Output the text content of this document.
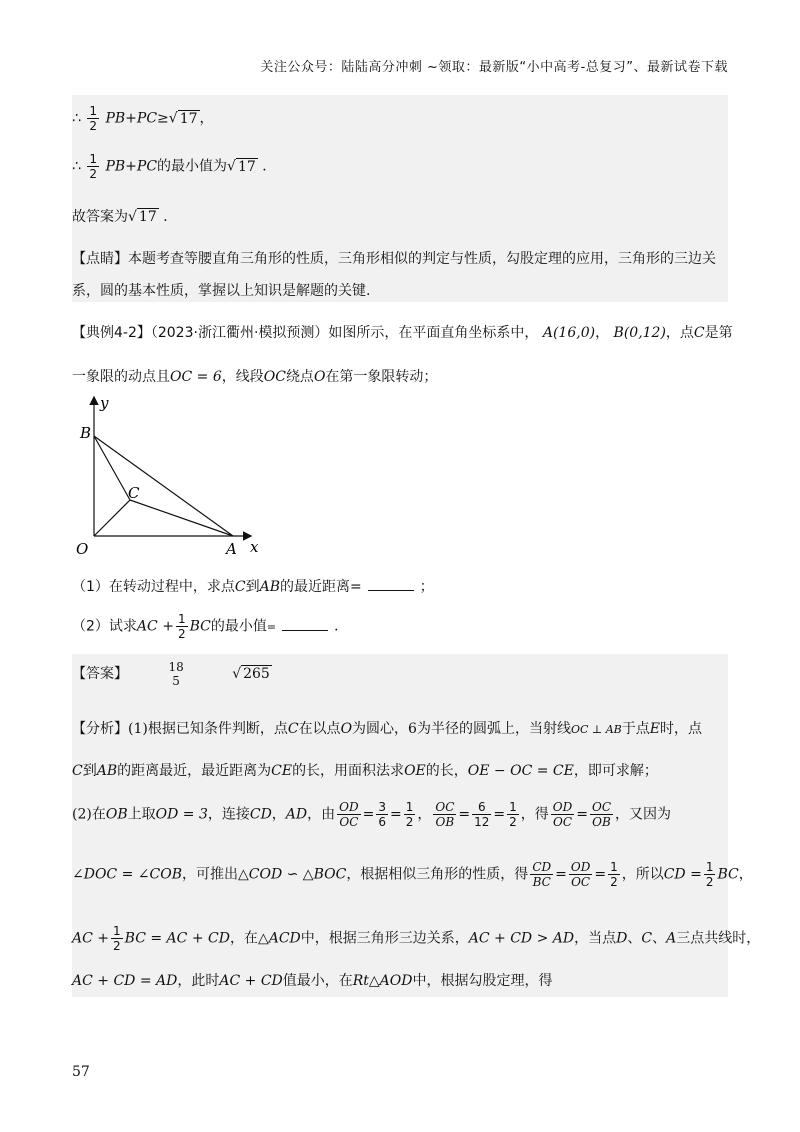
关注公众号：陆陆高分冲刺 ~领取：最新版“小中高考-总复习”、最新试卷下载
∴ $\frac{1}{2} PB+PC\ge√$ 17 ，
∴ $\frac{1}{2} PB+PC$的最小值为√ 17 ．
故答案为√ 17 ．
【点睛】本题考查等腰直角三角形的性质，三角形相似的判定与性质，勾股定理的应用，三角形的三边关
系，圆的基本性质，掌握以上知识是解题的关键.
【典例4-2】（2023·浙江衢州·模拟预测）如图所示，在平面直角坐标系中， A(16,0)， B(0,12)，点C是第
一象限的动点且OC = 6，线段OC绕点O在第一象限转动；
y
x
O	A
B
C
（1）在转动过程中，求点C到AB的最近距离=	；
（2）试求AC + $\frac{1}{2}$ BC的最小值=	．
【答案】	18
5	√ 265
【分析】(1)根据已知条件判断，点C在以点O为圆心，6为半径的圆弧上，当射线OC ⊥ AB于点E时，点
C到AB的距离最近，最近距离为CE的长，用面积法求OE的长，OE − OC = CE，即可求解；
(2)在OB上取OD = 3，连接CD，AD，由 $\frac{OD}{OC} = \frac{3}{6} = \frac{1}{2}$ ， $\frac{OC}{OB} = \frac{6}{12} = \frac{1}{2}$ ，得 $\frac{OD}{OC} = \frac{OC}{OB}$ ，又因为
∠DOC = ∠COB，可推出△COD ∽ △BOC，根据相似三角形的性质，得 $\frac{CD}{BC} = \frac{OD}{OC} = \frac{1}{2}$ ，所以CD = $\frac{1}{2}$ BC，
AC + $\frac{1}{2}$ BC = AC + CD，在△ACD中，根据三角形三边关系，AC + CD > AD，当点D、C、A三点共线时，
AC + CD = AD，此时AC + CD值最小，在Rt△AOD中，根据勾股定理，得
57
